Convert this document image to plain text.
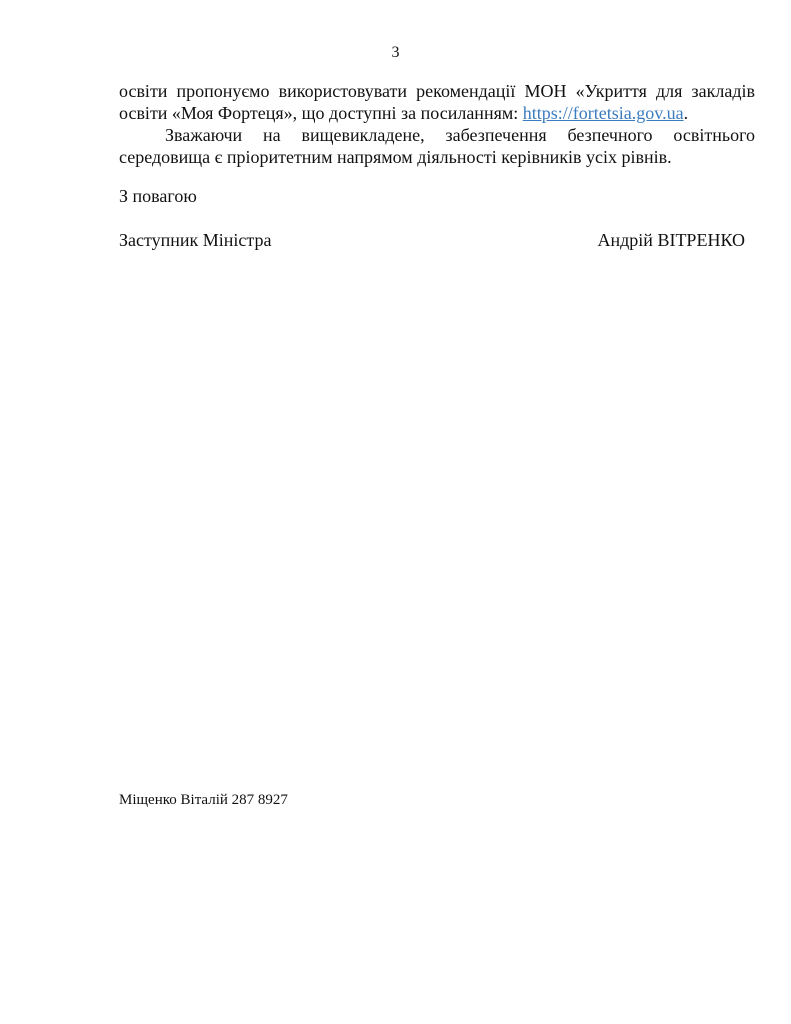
3
освіти пропонуємо використовувати рекомендації МОН «Укриття для закладів освіти «Моя Фортеця», що доступні за посиланням: https://fortetsia.gov.ua.
Зважаючи на вищевикладене, забезпечення безпечного освітнього середовища є пріоритетним напрямом діяльності керівників усіх рівнів.
З повагою
Заступник Міністра	Андрій ВІТРЕНКО
Міщенко Віталій 287 8927
